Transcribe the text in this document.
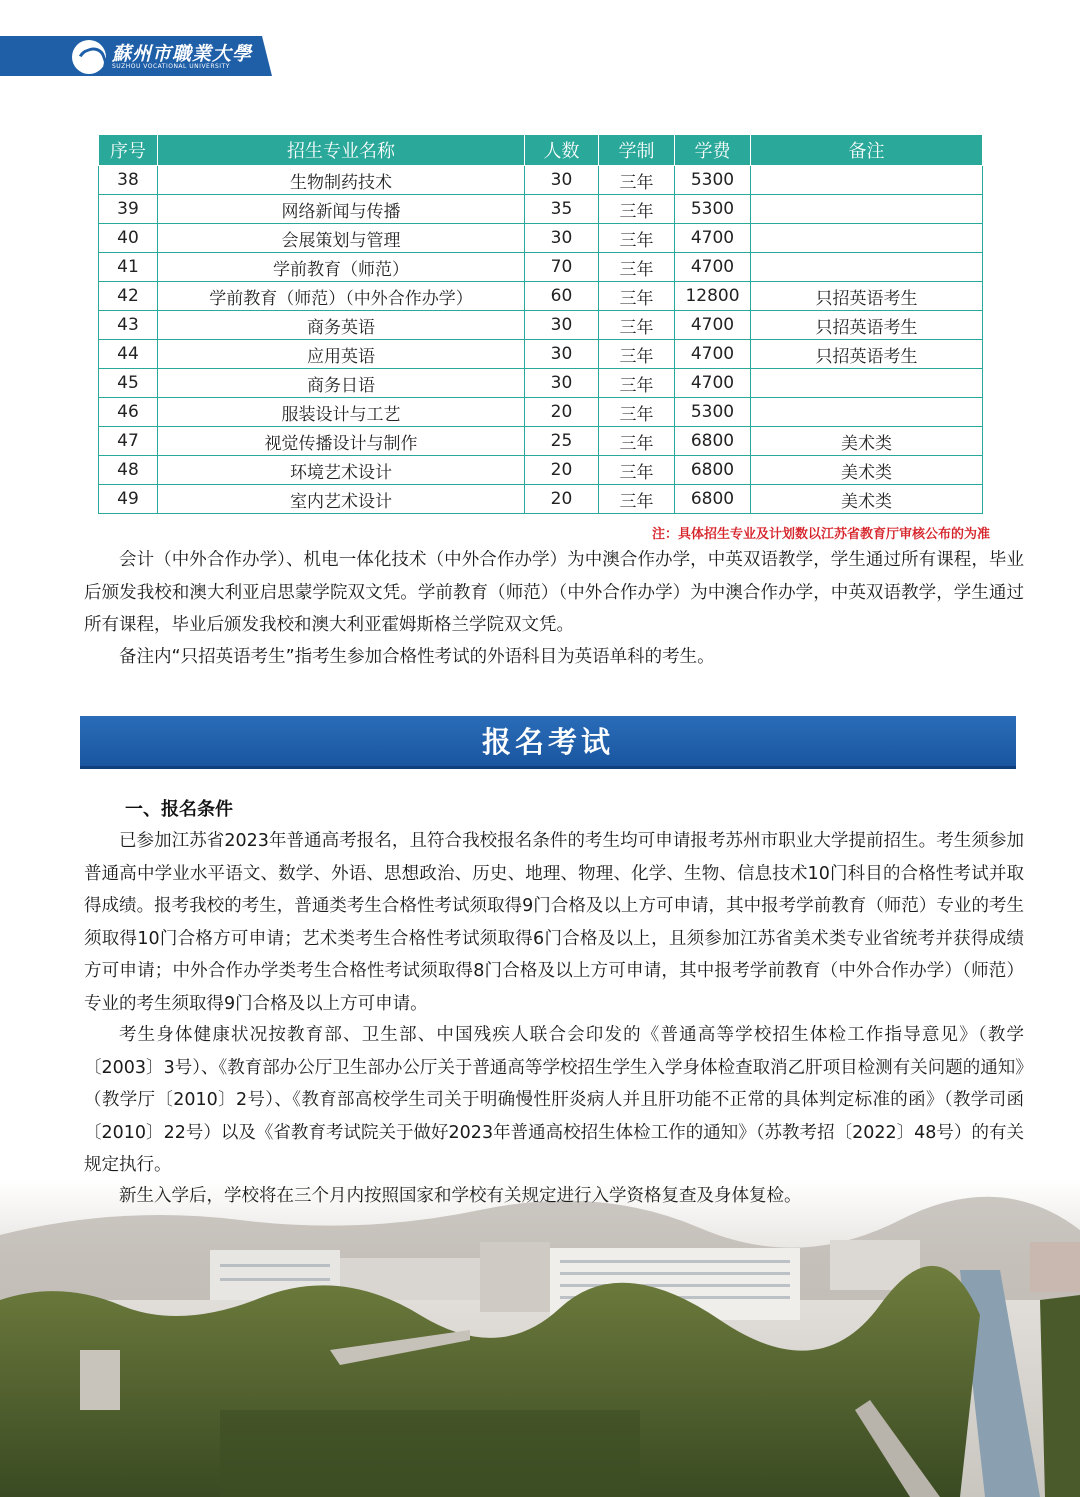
蘇州市職業大學
SUZHOU VOCATIONAL UNIVERSITY
序号	招生专业名称	人数	学制	学费	备注
38	生物制药技术	30	三年	5300	
39	网络新闻与传播	35	三年	5300	
40	会展策划与管理	30	三年	4700	
41	学前教育（师范）	70	三年	4700	
42	学前教育（师范）（中外合作办学）	60	三年	12800	只招英语考生
43	商务英语	30	三年	4700	只招英语考生
44	应用英语	30	三年	4700	只招英语考生
45	商务日语	30	三年	4700	
46	服装设计与工艺	20	三年	5300	
47	视觉传播设计与制作	25	三年	6800	美术类
48	环境艺术设计	20	三年	6800	美术类
49	室内艺术设计	20	三年	6800	美术类
注：具体招生专业及计划数以江苏省教育厅审核公布的为准

会计（中外合作办学）、机电一体化技术（中外合作办学）为中澳合作办学，中英双语教学，学生通过所有课程，毕业后颁发我校和澳大利亚启思蒙学院双文凭。学前教育（师范）（中外合作办学）为中澳合作办学，中英双语教学，学生通过所有课程，毕业后颁发我校和澳大利亚霍姆斯格兰学院双文凭。

备注内“只招英语考生”指考生参加合格性考试的外语科目为英语单科的考生。

报名考试

一、报名条件

已参加江苏省2023年普通高考报名，且符合我校报名条件的考生均可申请报考苏州市职业大学提前招生。考生须参加普通高中学业水平语文、数学、外语、思想政治、历史、地理、物理、化学、生物、信息技术10门科目的合格性考试并取得成绩。报考我校的考生，普通类考生合格性考试须取得9门合格及以上方可申请，其中报考学前教育（师范）专业的考生须取得10门合格方可申请；艺术类考生合格性考试须取得6门合格及以上，且须参加江苏省美术类专业省统考并获得成绩方可申请；中外合作办学类考生合格性考试须取得8门合格及以上方可申请，其中报考学前教育（中外合作办学）（师范）专业的考生须取得9门合格及以上方可申请。

考生身体健康状况按教育部、卫生部、中国残疾人联合会印发的《普通高等学校招生体检工作指导意见》（教学〔2003〕3号）、《教育部办公厅卫生部办公厅关于普通高等学校招生学生入学身体检查取消乙肝项目检测有关问题的通知》（教学厅〔2010〕2号）、《教育部高校学生司关于明确慢性肝炎病人并且肝功能不正常的具体判定标准的函》（教学司函〔2010〕22号）以及《省教育考试院关于做好2023年普通高校招生体检工作的通知》（苏教考招〔2022〕48号）的有关规定执行。

新生入学后，学校将在三个月内按照国家和学校有关规定进行入学资格复查及身体复检。
